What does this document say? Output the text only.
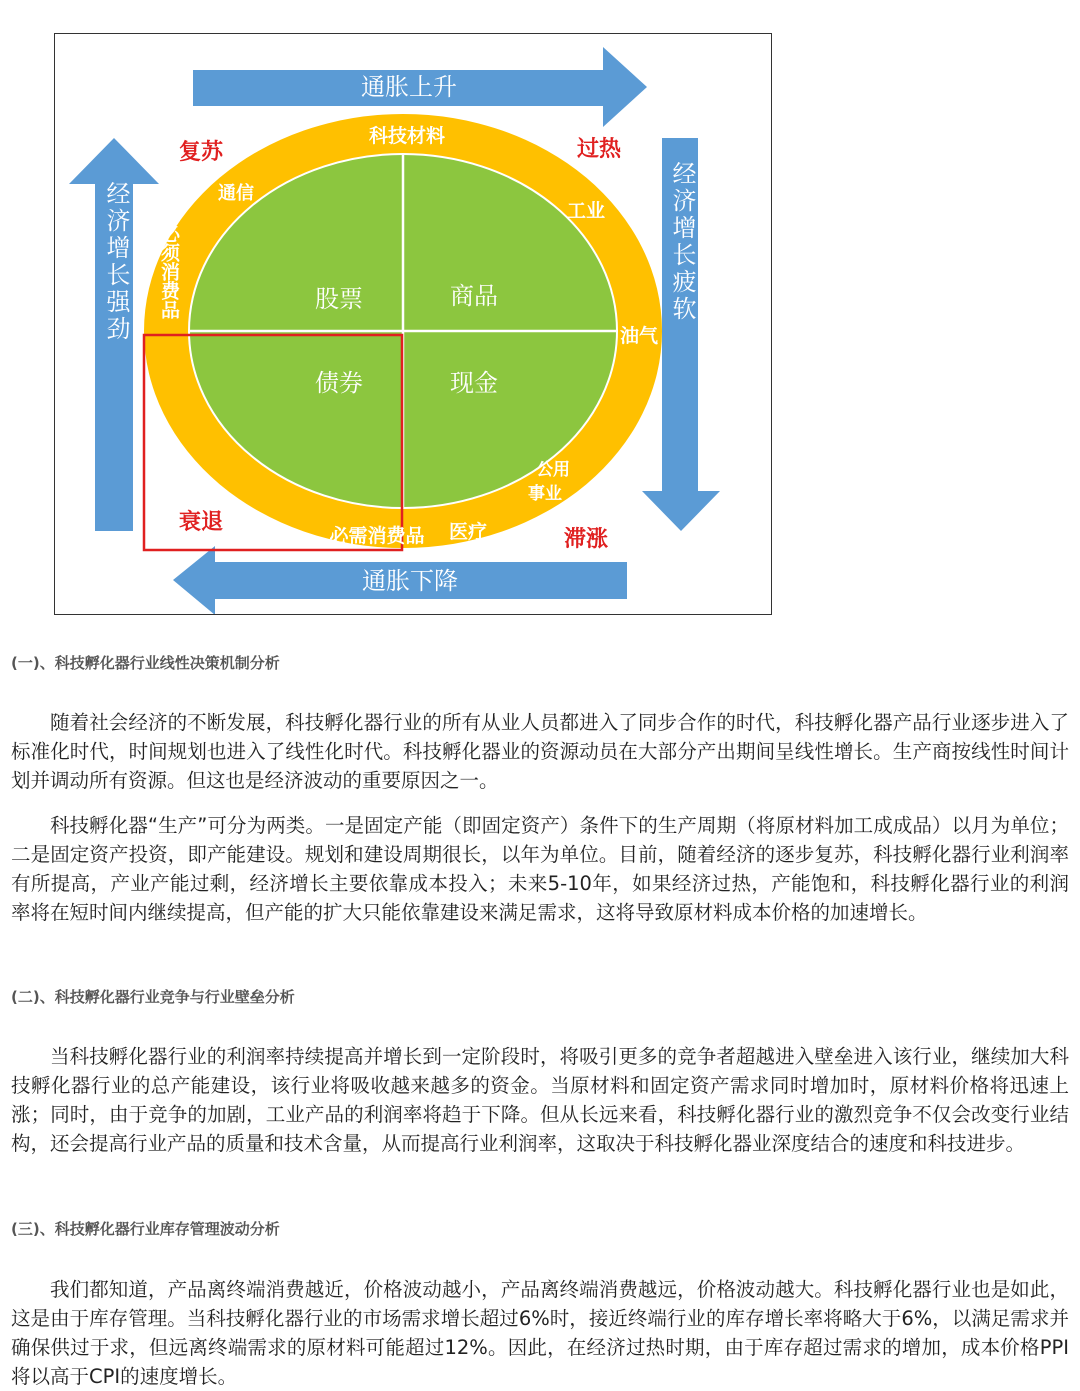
通胀上升
通胀下降
经济增长疲软
经济增长强劲
复苏	过热
滞涨
衰退
股票	商品
债券	现金
科技材料
通信
工业
非必须消费品
油气
公用事业
医疗
必需消费品
(一)、科技孵化器行业线性决策机制分析

随着社会经济的不断发展，科技孵化器行业的所有从业人员都进入了同步合作的时代，科技孵化器产品行业逐步进入了标准化时代，时间规划也进入了线性化时代。科技孵化器业的资源动员在大部分产出期间呈线性增长。生产商按线性时间计划并调动所有资源。但这也是经济波动的重要原因之一。

科技孵化器“生产”可分为两类。一是固定产能（即固定资产）条件下的生产周期（将原材料加工成成品）以月为单位；二是固定资产投资，即产能建设。规划和建设周期很长，以年为单位。目前，随着经济的逐步复苏，科技孵化器行业利润率有所提高，产业产能过剩，经济增长主要依靠成本投入；未来5-10年，如果经济过热，产能饱和，科技孵化器行业的利润率将在短时间内继续提高，但产能的扩大只能依靠建设来满足需求，这将导致原材料成本价格的加速增长。

(二)、科技孵化器行业竞争与行业壁垒分析

当科技孵化器行业的利润率持续提高并增长到一定阶段时，将吸引更多的竞争者超越进入壁垒进入该行业，继续加大科技孵化器行业的总产能建设，该行业将吸收越来越多的资金。当原材料和固定资产需求同时增加时，原材料价格将迅速上涨；同时，由于竞争的加剧，工业产品的利润率将趋于下降。但从长远来看，科技孵化器行业的激烈竞争不仅会改变行业结构，还会提高行业产品的质量和技术含量，从而提高行业利润率，这取决于科技孵化器业深度结合的速度和科技进步。

(三)、科技孵化器行业库存管理波动分析

我们都知道，产品离终端消费越近，价格波动越小，产品离终端消费越远，价格波动越大。科技孵化器行业也是如此，这是由于库存管理。当科技孵化器行业的市场需求增长超过6%时，接近终端行业的库存增长率将略大于6%，以满足需求并确保供过于求，但远离终端需求的原材料可能超过12%。因此，在经济过热时期，由于库存超过需求的增加，成本价格PPI将以高于CPI的速度增长。
